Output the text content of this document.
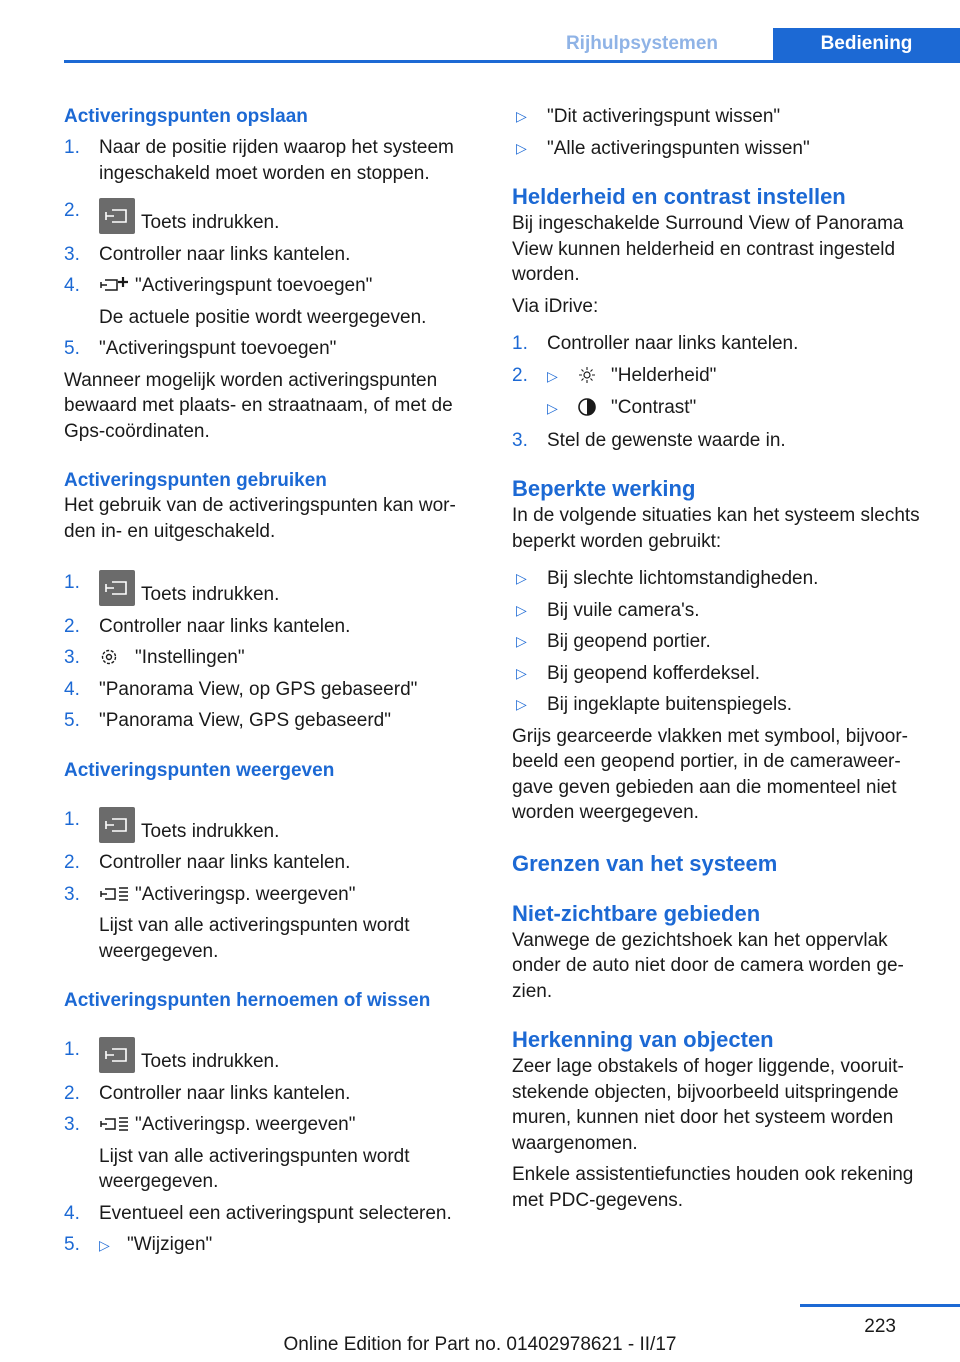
Rijhulpsystemen	Bediening
Activeringspunten opslaan
1. Naar de positie rijden waarop het systeem ingeschakeld moet worden en stoppen.
2.
Toets indrukken.
3. Controller naar links kantelen.
4.	"Activeringspunt toevoegen"
De actuele positie wordt weergegeven.
5. "Activeringspunt toevoegen"

Wanneer mogelijk worden activeringspunten bewaard met plaats- en straatnaam, of met de Gps-coördinaten.

Activeringspunten gebruiken

Het gebruik van de activeringspunten kan worden in- en uitgeschakeld.

1.
Toets indrukken.
2. Controller naar links kantelen.
3.	"Instellingen"
4. "Panorama View, op GPS gebaseerd"
5. "Panorama View, GPS gebaseerd"
Activeringspunten weergeven
1.
Toets indrukken.
2. Controller naar links kantelen.
3.	"Activeringsp. weergeven"
Lijst van alle activeringspunten wordt weergegeven.
Activeringspunten hernoemen of wissen
1.
Toets indrukken.
2. Controller naar links kantelen.
3.	"Activeringsp. weergeven"
Lijst van alle activeringspunten wordt weergegeven.
4. Eventueel een activeringspunt selecteren.
5. ▷ "Wijzigen"
▷ "Dit activeringspunt wissen"
▷ "Alle activeringspunten wissen"
Helderheid en contrast instellen

Bij ingeschakelde Surround View of Panorama View kunnen helderheid en contrast ingesteld worden.

Via iDrive:

1. Controller naar links kantelen.
2. ▷	"Helderheid"
▷	"Contrast"
3. Stel de gewenste waarde in.
Beperkte werking

In de volgende situaties kan het systeem slechts beperkt worden gebruikt:

▷ Bij slechte lichtomstandigheden.
▷ Bij vuile camera's.
▷ Bij geopend portier.
▷ Bij geopend kofferdeksel.
▷ Bij ingeklapte buitenspiegels.

Grijs gearceerde vlakken met symbool, bijvoorbeeld een geopend portier, in de cameraweergave geven gebieden aan die momenteel niet worden weergegeven.

Grenzen van het systeem
Niet-zichtbare gebieden

Vanwege de gezichtshoek kan het oppervlak onder de auto niet door de camera worden gezien.

Herkenning van objecten

Zeer lage obstakels of hoger liggende, vooruitstekende objecten, bijvoorbeeld uitspringende muren, kunnen niet door het systeem worden waargenomen.

Enkele assistentiefuncties houden ook rekening met PDC-gegevens.

223
Online Edition for Part no. 01402978621 - II/17
